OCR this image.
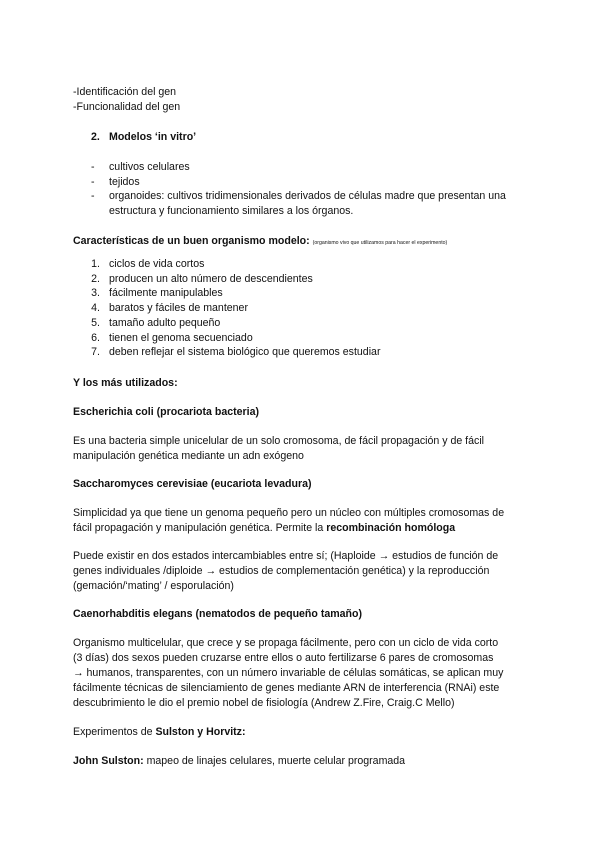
-Identificación del gen
-Funcionalidad del gen

2. Modelos ‘in vitro’
- cultivos celulares
- tejidos
- organoides: cultivos tridimensionales derivados de células madre que presentan una
estructura y funcionamiento similares a los órganos.

Características de un buen organismo modelo: (organismo vivo que utilizamos para hacer el experimento)

1. ciclos de vida cortos
2. producen un alto número de descendientes
3. fácilmente manipulables
4. baratos y fáciles de mantener
5. tamaño adulto pequeño
6. tienen el genoma secuenciado
7. deben reflejar el sistema biológico que queremos estudiar

Y los más utilizados:

Escherichia coli (procariota bacteria)

Es una bacteria simple unicelular de un solo cromosoma, de fácil propagación y de fácil
manipulación genética mediante un adn exógeno

Saccharomyces cerevisiae (eucariota levadura)

Simplicidad ya que tiene un genoma pequeño pero un núcleo con múltiples cromosomas de
fácil propagación y manipulación genética. Permite la recombinación homóloga

Puede existir en dos estados intercambiables entre sí; (Haploide → estudios de función de
genes individuales /diploide → estudios de complementación genética) y la reproducción
(gemación/‘mating’ / esporulación)

Caenorhabditis elegans (nematodos de pequeño tamaño)

Organismo multicelular, que crece y se propaga fácilmente, pero con un ciclo de vida corto
(3 días) dos sexos pueden cruzarse entre ellos o auto fertilizarse 6 pares de cromosomas
→ humanos, transparentes, con un número invariable de células somáticas, se aplican muy
fácilmente técnicas de silenciamiento de genes mediante ARN de interferencia (RNAi) este
descubrimiento le dio el premio nobel de fisiología (Andrew Z.Fire, Craig.C Mello)

Experimentos de Sulston y Horvitz:

John Sulston: mapeo de linajes celulares, muerte celular programada
